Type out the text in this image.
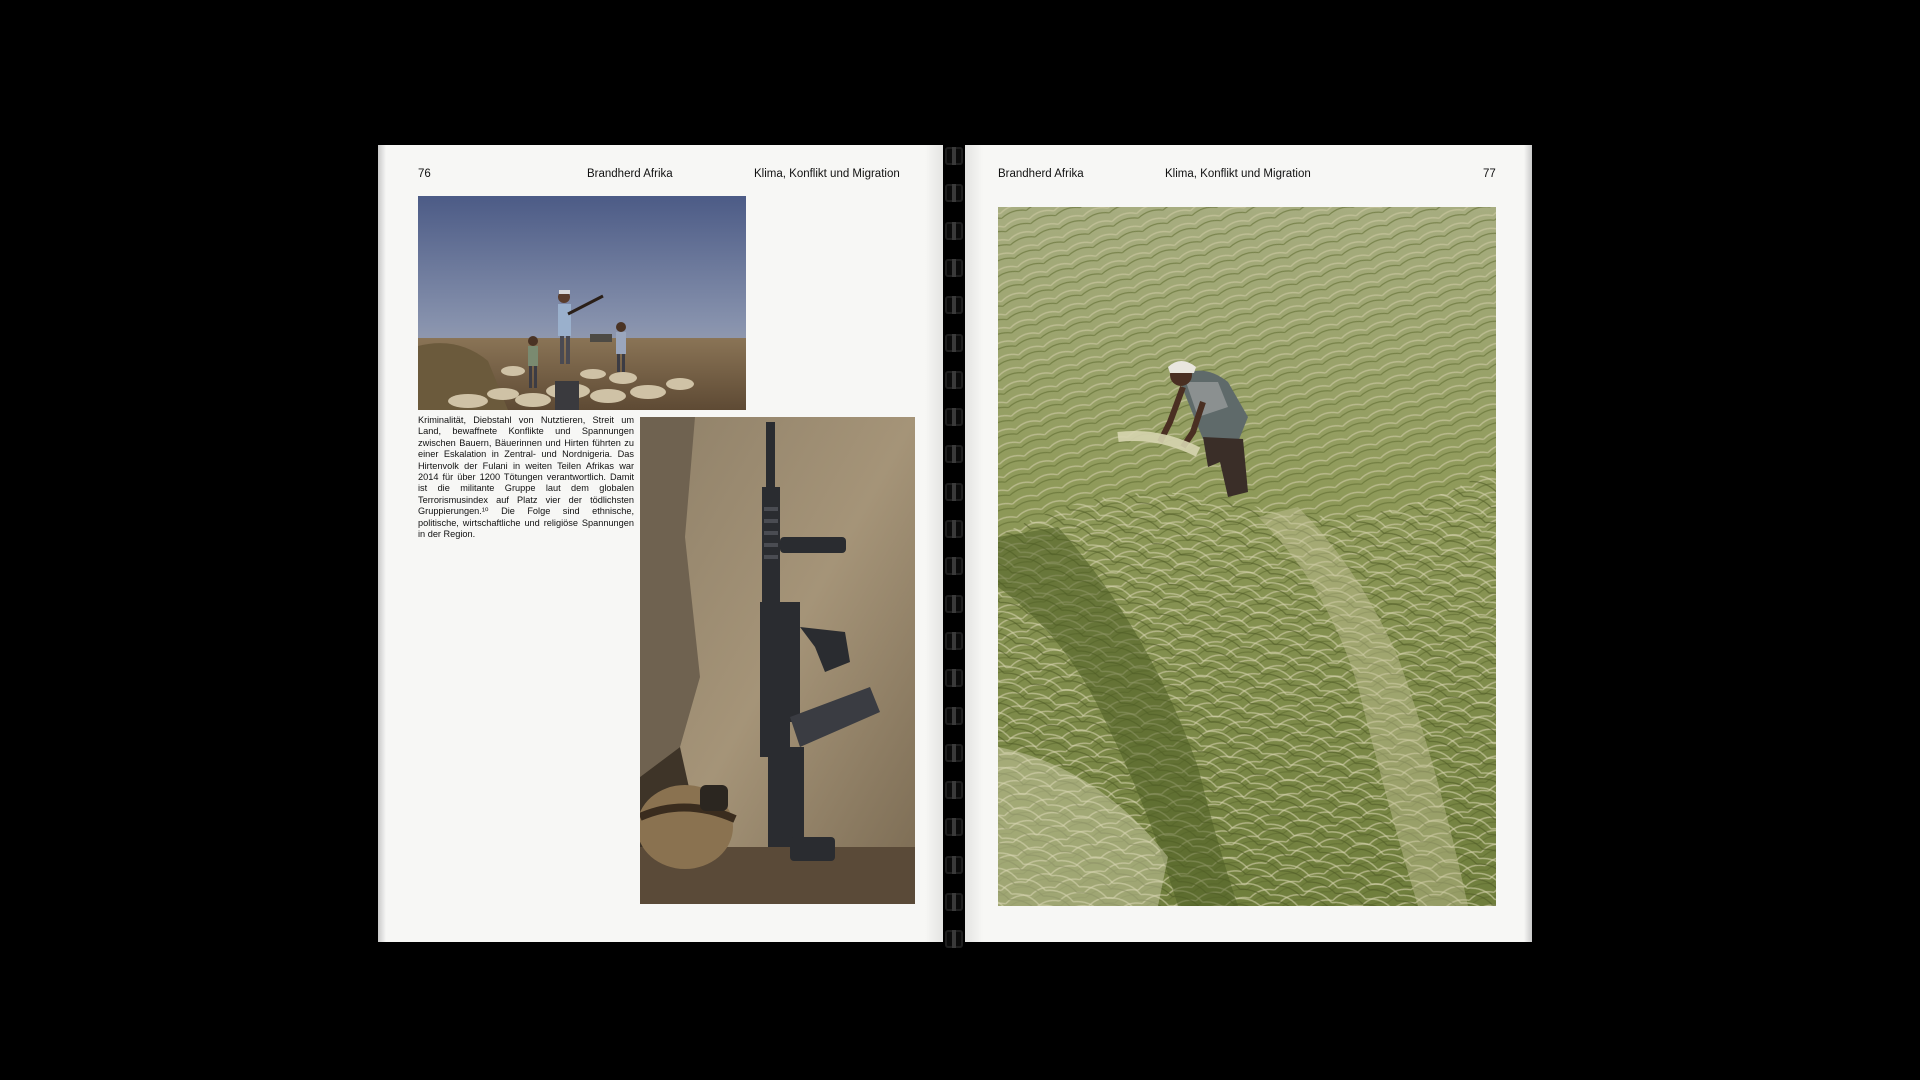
76	Brandherd Afrika	Klima, Konflikt und Migration
Kriminalität, Diebstahl von Nutztieren, Streit um Land, bewaffnete Konflikte und Spannungen zwischen Bauern, Bäuerinnen und Hirten führten zu einer Eskalation in Zentral- und Nordnigeria. Das Hirtenvolk der Fulani in weiten Teilen Afrikas war 2014 für über 1200 Tötungen verantwortlich. Damit ist die militante Gruppe laut dem globalen Terrorismusindex auf Platz vier der tödlichsten Gruppierungen.¹⁰ Die Folge sind ethnische, politische, wirtschaftliche und religiöse Spannungen in der Region.
Brandherd Afrika	Klima, Konflikt und Migration	77
